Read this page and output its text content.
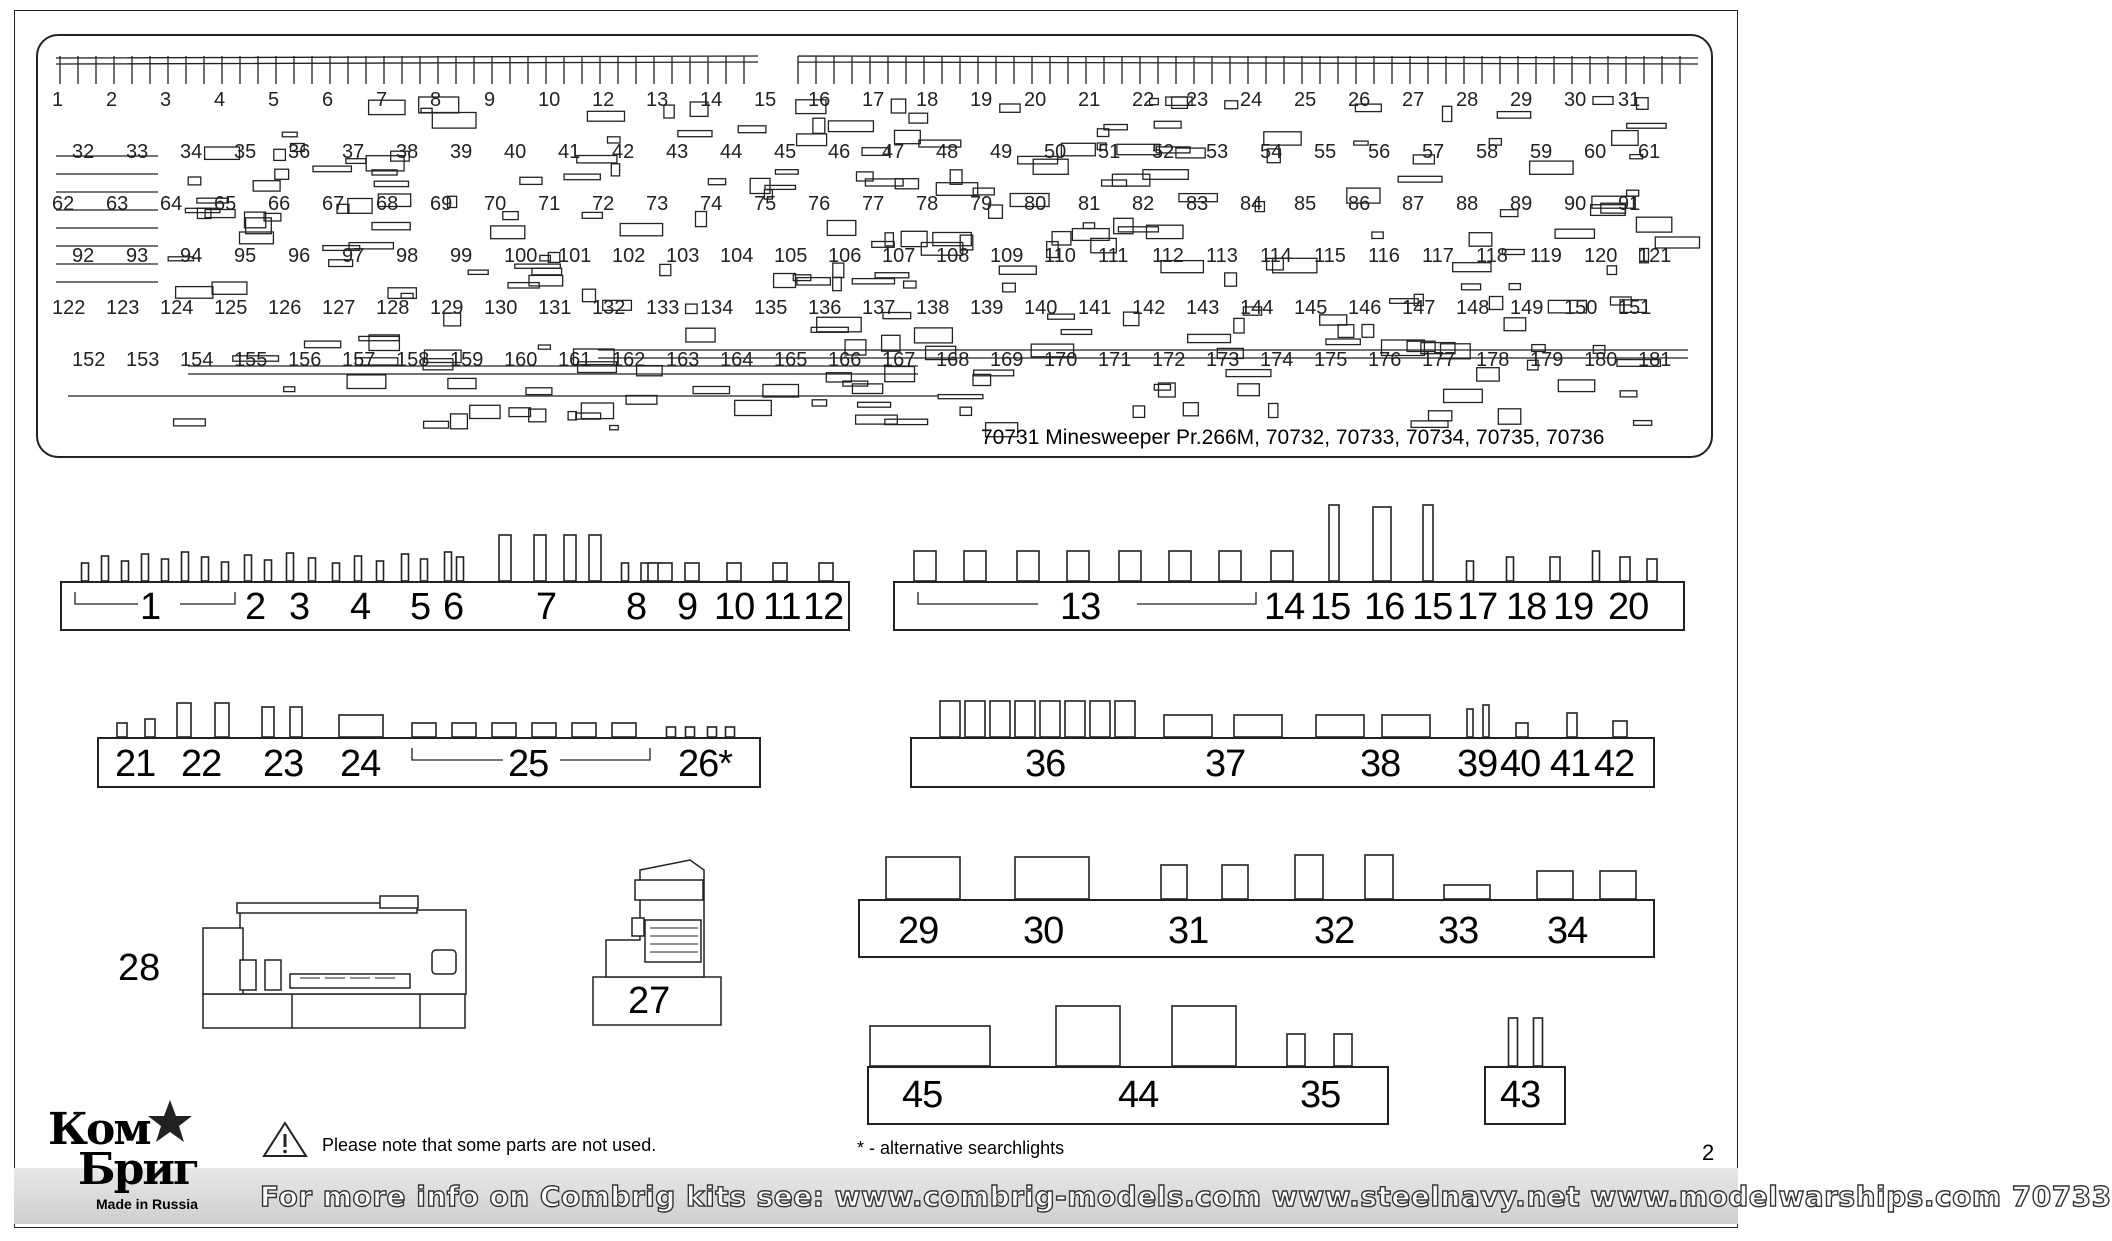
1 2 3 4 5 6 7 8 9 10 12 13 14 15 16 17 18 19 20 21 22 23 24 25 26 27 28 29 30 31
32 33 34 35 36 37 38 39 40 41 42 43 44 45 46 47 48 49 50 51 52 53 54 55 56 57 58 59 60 61
62 63 64 65 66 67 68 69 70 71 72 73 74 75 76 77 78 79 80 81 82 83 84 85 86 87 88 89 90 91
92 93 94 95 96 97 98 99 100 101 102 103 104 105 106 107 108 109 110 111 112 113 114 115 116 117 118 119 120 121
122 123 124 125 126 127 128 129 130 131 132 133 134 135 136 137 138 139 140 141 142 143 144 145 146 147 148 149 150 151
152 153 154 155 156 157 158 159 160 161 162 163 164 165 166 167 168 169 170 171 172 173 174 175 176 177 178 179 180 181
70731 Minesweeper Pr.266M, 70732, 70733, 70734, 70735, 70736
1 2 3 4 5 6 7 8 9 10 11 12	13	14 15 16 15 17 18 19 20
21 22 23 24	25	26*	36	37	38 39 40 41 42
29 30	31	32 33 34
45	44	35	43
28
27
Please note that some parts are not used.	* - alternative searchlights	2
For more info on Combrig kits see: www.combrig-models.com www.steelnavy.net www.modelwarships.com 70733
Ком
Бриг
Made in Russia
